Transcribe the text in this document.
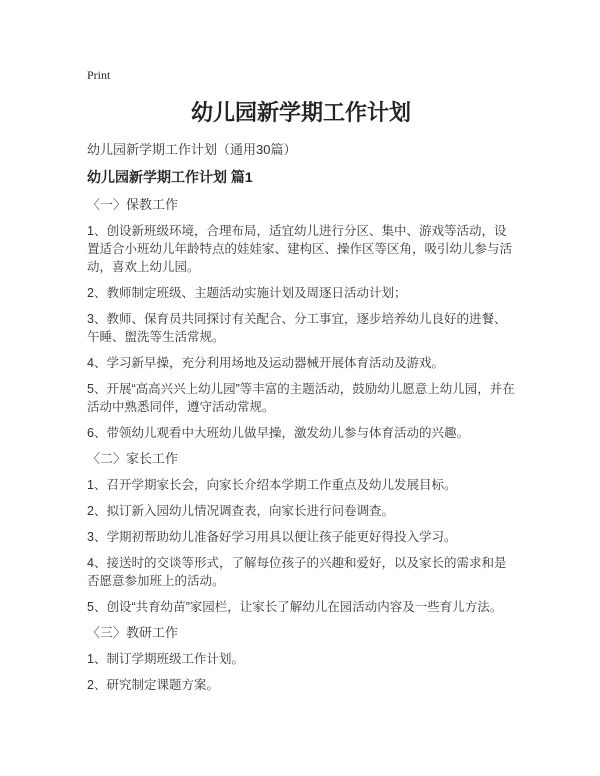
Print
幼儿园新学期工作计划

幼儿园新学期工作计划（通用30篇）

幼儿园新学期工作计划 篇1
〈一〉保教工作

1、创设新班级环境，合理布局，适宜幼儿进行分区、集中、游戏等活动，设置适合小班幼儿年龄特点的娃娃家、建构区、操作区等区角，吸引幼儿参与活动，喜欢上幼儿园。

2、教师制定班级、主题活动实施计划及周逐日活动计划；

3、教师、保育员共同探讨有关配合、分工事宜，逐步培养幼儿良好的进餐、午睡、盥洗等生活常规。

4、学习新早操，充分利用场地及运动器械开展体育活动及游戏。

5、开展“高高兴兴上幼儿园”等丰富的主题活动，鼓励幼儿愿意上幼儿园，并在活动中熟悉同伴，遵守活动常规。

6、带领幼儿观看中大班幼儿做早操，激发幼儿参与体育活动的兴趣。

〈二〉家长工作

1、召开学期家长会，向家长介绍本学期工作重点及幼儿发展目标。

2、拟订新入园幼儿情况调查表，向家长进行问卷调查。

3、学期初帮助幼儿准备好学习用具以便让孩子能更好得投入学习。

4、接送时的交谈等形式，了解每位孩子的兴趣和爱好，以及家长的需求和是否愿意参加班上的活动。

5、创设“共育幼苗”家园栏，让家长了解幼儿在园活动内容及一些育儿方法。

〈三〉教研工作

1、制订学期班级工作计划。

2、研究制定课题方案。
